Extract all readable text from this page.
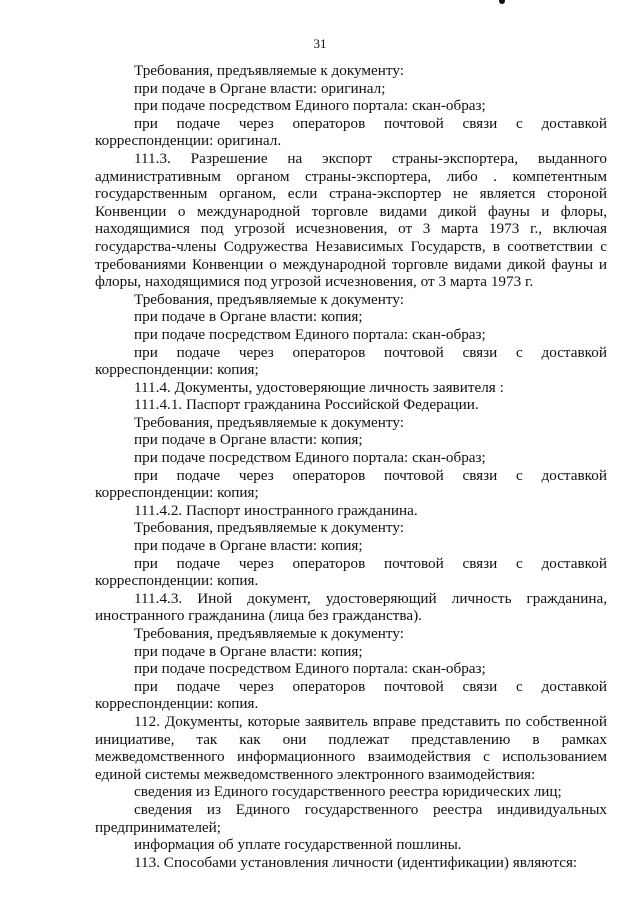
31

Требования, предъявляемые к документу:

при подаче в Органе власти: оригинал;

при подаче посредством Единого портала: скан-образ;

при подаче через операторов почтовой связи с доставкой корреспонденции: оригинал.

111.3. Разрешение на экспорт страны-экспортера, выданного административным органом страны-экспортера, либо . компетентным государственным органом, если страна-экспортер не является стороной Конвенции о международной торговле видами дикой фауны и флоры, находящимися под угрозой исчезновения, от 3 марта 1973 г., включая государства-члены Содружества Независимых Государств, в соответствии с требованиями Конвенции о международной торговле видами дикой фауны и флоры, находящимися под угрозой исчезновения, от 3 марта 1973 г.

Требования, предъявляемые к документу:

при подаче в Органе власти: копия;

при подаче посредством Единого портала: скан-образ;

при подаче через операторов почтовой связи с доставкой корреспонденции: копия;

111.4. Документы, удостоверяющие личность заявителя :

111.4.1. Паспорт гражданина Российской Федерации.

Требования, предъявляемые к документу:

при подаче в Органе власти: копия;

при подаче посредством Единого портала: скан-образ;

при подаче через операторов почтовой связи с доставкой корреспонденции: копия;

111.4.2. Паспорт иностранного гражданина.

Требования, предъявляемые к документу:

при подаче в Органе власти: копия;

при подаче через операторов почтовой связи с доставкой корреспонденции: копия.

111.4.3. Иной документ, удостоверяющий личность гражданина, иностранного гражданина (лица без гражданства).

Требования, предъявляемые к документу:

при подаче в Органе власти: копия;

при подаче посредством Единого портала: скан-образ;

при подаче через операторов почтовой связи с доставкой корреспонденции: копия.

112. Документы, которые заявитель вправе представить по собственной инициативе, так как они подлежат представлению в рамках межведомственного информационного взаимодействия с использованием единой системы межведомственного электронного взаимодействия:

сведения из Единого государственного реестра юридических лиц;

сведения из Единого государственного реестра индивидуальных предпринимателей;

информация об уплате государственной пошлины.

113. Способами установления личности (идентификации) являются:
